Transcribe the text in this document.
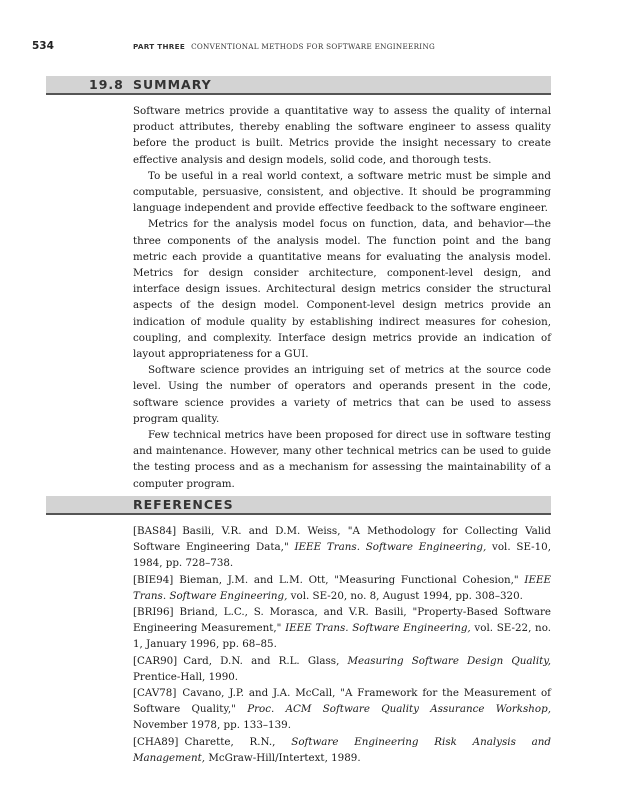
534	PART THREE CONVENTIONAL METHODS FOR SOFTWARE ENGINEERING
19.8 SUMMARY

Software metrics provide a quantitative way to assess the quality of internal product attributes, thereby enabling the software engineer to assess quality before the product is built. Metrics provide the insight necessary to create effective analysis and design models, solid code, and thorough tests.

To be useful in a real world context, a software metric must be simple and computable, persuasive, consistent, and objective. It should be programming language independent and provide effective feedback to the software engineer.

Metrics for the analysis model focus on function, data, and behavior—the three components of the analysis model. The function point and the bang metric each provide a quantitative means for evaluating the analysis model. Metrics for design consider architecture, component-level design, and interface design issues. Architectural design metrics consider the structural aspects of the design model. Component-level design metrics provide an indication of module quality by establishing indirect measures for cohesion, coupling, and complexity. Interface design metrics provide an indication of layout appropriateness for a GUI.

Software science provides an intriguing set of metrics at the source code level. Using the number of operators and operands present in the code, software science provides a variety of metrics that can be used to assess program quality.

Few technical metrics have been proposed for direct use in software testing and maintenance. However, many other technical metrics can be used to guide the testing process and as a mechanism for assessing the maintainability of a computer program.

REFERENCES

[BAS84] Basili, V.R. and D.M. Weiss, "A Methodology for Collecting Valid Software Engineering Data," IEEE Trans. Software Engineering, vol. SE-10, 1984, pp. 728–738.

[BIE94] Bieman, J.M. and L.M. Ott, "Measuring Functional Cohesion," IEEE Trans. Software Engineering, vol. SE-20, no. 8, August 1994, pp. 308–320.

[BRI96] Briand, L.C., S. Morasca, and V.R. Basili, "Property-Based Software Engineering Measurement," IEEE Trans. Software Engineering, vol. SE-22, no. 1, January 1996, pp. 68–85.

[CAR90] Card, D.N. and R.L. Glass, Measuring Software Design Quality, Prentice-Hall, 1990.

[CAV78] Cavano, J.P. and J.A. McCall, "A Framework for the Measurement of Software Quality," Proc. ACM Software Quality Assurance Workshop, November 1978, pp. 133–139.

[CHA89] Charette, R.N., Software Engineering Risk Analysis and Management, McGraw-Hill/Intertext, 1989.
